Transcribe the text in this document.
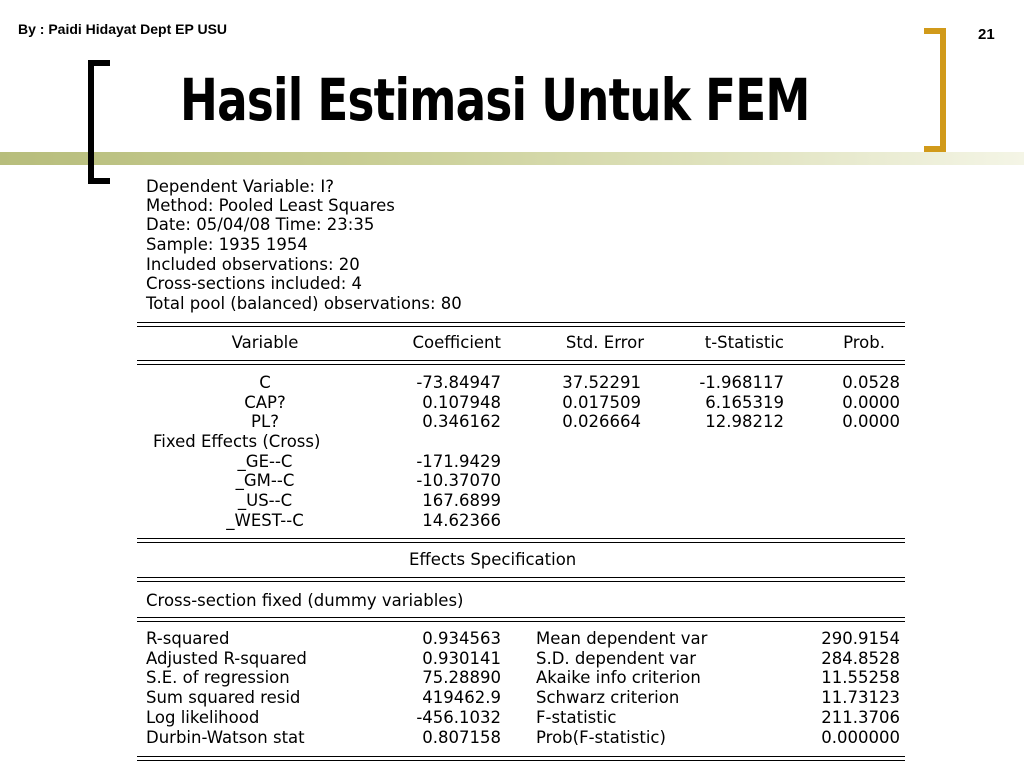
By : Paidi Hidayat Dept EP USU	21
Hasil Estimasi Untuk FEM
Dependent Variable: I?
Method: Pooled Least Squares
Date: 05/04/08 Time: 23:35
Sample: 1935 1954
Included observations: 20
Cross-sections included: 4
Total pool (balanced) observations: 80
Variable	Coefficient	Std. Error	t-Statistic	Prob.
C	-73.84947	37.52291	-1.968117	0.0528
CAP?	0.107948	0.017509	6.165319	0.0000
PL?	0.346162	0.026664	12.98212	0.0000
Fixed Effects (Cross)
_GE--C	-171.9429
_GM--C	-10.37070
_US--C	167.6899
_WEST--C	14.62366
Effects Specification
Cross-section fixed (dummy variables)
R-squared	0.934563 Mean dependent var	290.9154
Adjusted R-squared	0.930141 S.D. dependent var	284.8528
S.E. of regression	75.28890 Akaike info criterion	11.55258
Sum squared resid	419462.9 Schwarz criterion	11.73123
Log likelihood	-456.1032 F-statistic	211.3706
Durbin-Watson stat	0.807158 Prob(F-statistic)	0.000000
